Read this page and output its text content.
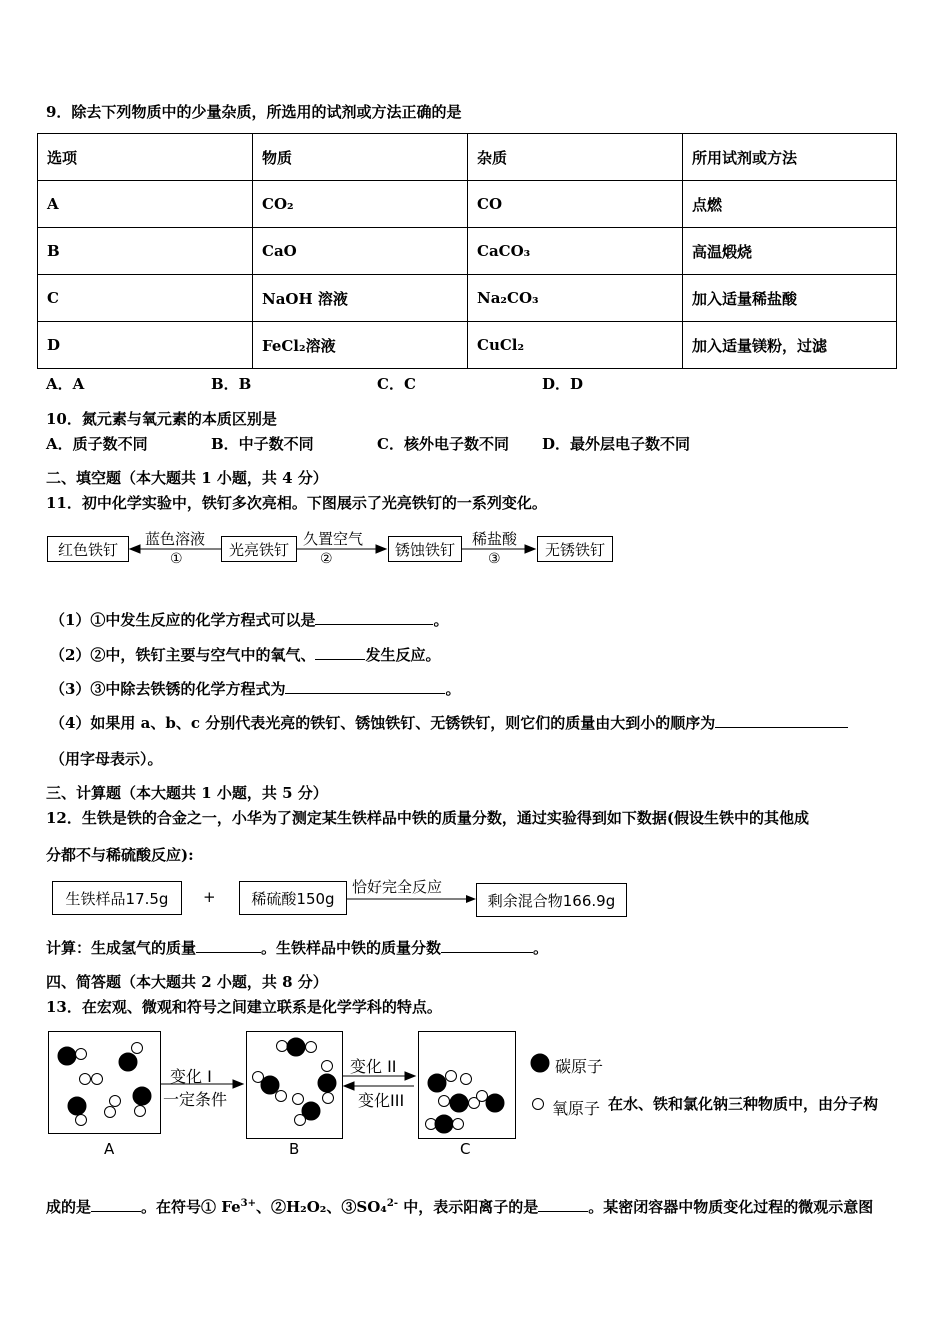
9．除去下列物质中的少量杂质，所选用的试剂或方法正确的是
选项	物质	杂质	所用试剂或方法
A	CO₂	CO	点燃
B	CaO	CaCO₃	高温煅烧
C	NaOH 溶液	Na₂CO₃	加入适量稀盐酸
D	FeCl₂溶液	CuCl₂	加入适量镁粉，过滤
A．A	B．B	C．C	D．D
10．氮元素与氧元素的本质区别是
A．质子数不同	B．中子数不同	C．核外电子数不同 D．最外层电子数不同
二、填空题（本大题共 1 小题，共 4 分）
11．初中化学实验中，铁钉多次亮相。下图展示了光亮铁钉的一系列变化。
红色铁钉	光亮铁钉	锈蚀铁钉	无锈铁钉
蓝色溶液
①
久置空气
②
稀盐酸
③
（1）①中发生反应的化学方程式可以是	。
（2）②中，铁钉主要与空气中的氧气、	发生反应。
（3）③中除去铁锈的化学方程式为	。
（4）如果用 a、b、c 分别代表光亮的铁钉、锈蚀铁钉、无锈铁钉，则它们的质量由大到小的顺序为
（用字母表示）。
三、计算题（本大题共 1 小题，共 5 分）
12．生铁是铁的合金之一，小华为了测定某生铁样品中铁的质量分数，通过实验得到如下数据(假设生铁中的其他成
分都不与稀硫酸反应):
生铁样品17.5g	+	稀硫酸150g
恰好完全反应
剩余混合物166.9g
计算：生成氢气的质量	。生铁样品中铁的质量分数	。
四、简答题（本大题共 2 小题，共 8 分）
13．在宏观、微观和符号之间建立联系是化学学科的特点。
变化 I
一定条件
变化 II
变化III
A	B	C
碳原子
氧原子 在水、铁和氯化钠三种物质中，由分子构
成的是	。在符号① $Fe^{3+}$、②H₂O₂、③SO₄$^{2-}$ 中，表示阳离子的是	。某密闭容器中物质变化过程的微观示意图
